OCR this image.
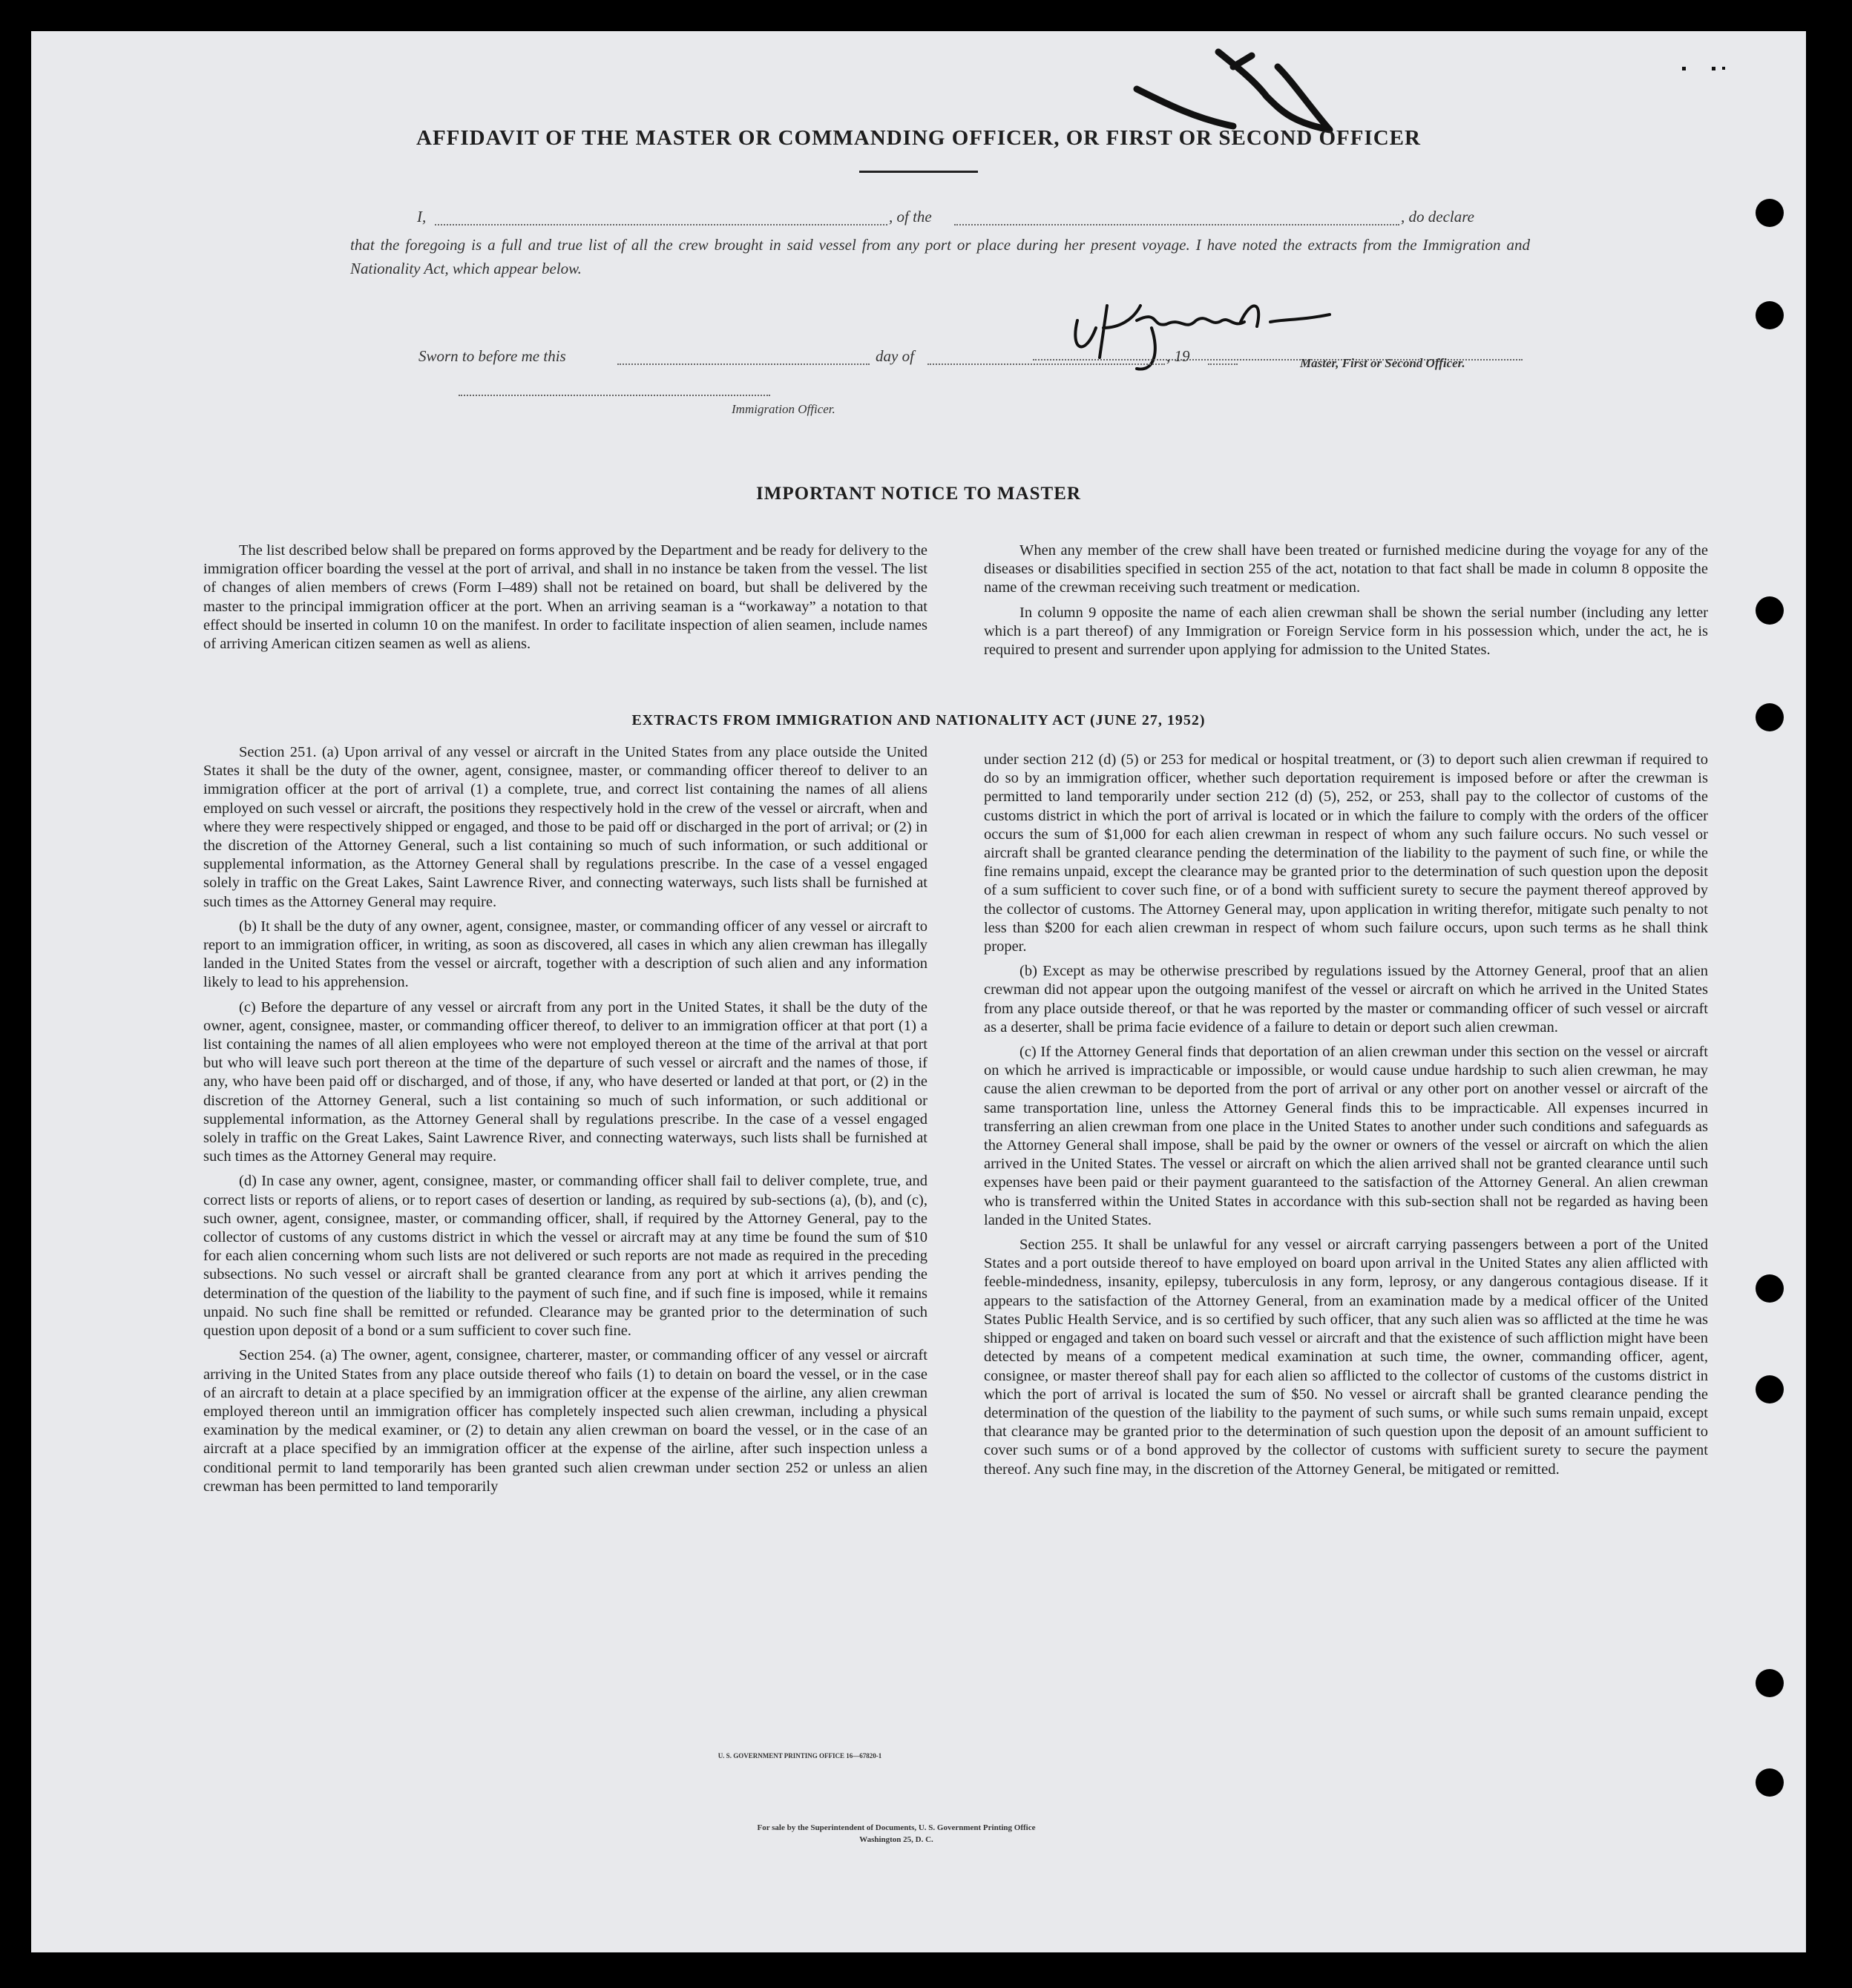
AFFIDAVIT OF THE MASTER OR COMMANDING OFFICER, OR FIRST OR SECOND OFFICER
I,	, of the	, do declare
that the foregoing is a full and true list of all the crew brought in said vessel from any port or place during her present voyage. I have noted the extracts from the Immigration and Nationality Act, which appear below.
Master, First or Second Officer.
Sworn to before me this	day of	, 19
Immigration Officer.
IMPORTANT NOTICE TO MASTER

The list described below shall be prepared on forms approved by the Department and be ready for delivery to the immigration officer boarding the vessel at the port of arrival, and shall in no instance be taken from the vessel. The list of changes of alien members of crews (Form I–489) shall not be retained on board, but shall be delivered by the master to the principal immigration officer at the port. When an arriving seaman is a “workaway” a notation to that effect should be inserted in column 10 on the manifest. In order to facilitate inspection of alien seamen, include names of arriving American citizen seamen as well as aliens.

When any member of the crew shall have been treated or furnished medicine during the voyage for any of the diseases or disabilities specified in section 255 of the act, notation to that fact shall be made in column 8 opposite the name of the crewman receiving such treatment or medication.

In column 9 opposite the name of each alien crewman shall be shown the serial number (including any letter which is a part thereof) of any Immigration or Foreign Service form in his possession which, under the act, he is required to present and surrender upon applying for admission to the United States.

EXTRACTS FROM IMMIGRATION AND NATIONALITY ACT (JUNE 27, 1952)

Section 251. (a) Upon arrival of any vessel or aircraft in the United States from any place outside the United States it shall be the duty of the owner, agent, consignee, master, or commanding officer thereof to deliver to an immigration officer at the port of arrival (1) a complete, true, and correct list containing the names of all aliens employed on such vessel or aircraft, the positions they respectively hold in the crew of the vessel or aircraft, when and where they were respectively shipped or engaged, and those to be paid off or discharged in the port of arrival; or (2) in the discretion of the Attorney General, such a list containing so much of such information, or such additional or supplemental information, as the Attorney General shall by regulations prescribe. In the case of a vessel engaged solely in traffic on the Great Lakes, Saint Lawrence River, and connecting waterways, such lists shall be furnished at such times as the Attorney General may require.

(b) It shall be the duty of any owner, agent, consignee, master, or commanding officer of any vessel or aircraft to report to an immigration officer, in writing, as soon as discovered, all cases in which any alien crewman has illegally landed in the United States from the vessel or aircraft, together with a description of such alien and any information likely to lead to his apprehension.

(c) Before the departure of any vessel or aircraft from any port in the United States, it shall be the duty of the owner, agent, consignee, master, or commanding officer thereof, to deliver to an immigration officer at that port (1) a list containing the names of all alien employees who were not employed thereon at the time of the arrival at that port but who will leave such port thereon at the time of the departure of such vessel or aircraft and the names of those, if any, who have been paid off or discharged, and of those, if any, who have deserted or landed at that port, or (2) in the discretion of the Attorney General, such a list containing so much of such information, or such additional or supplemental information, as the Attorney General shall by regulations prescribe. In the case of a vessel engaged solely in traffic on the Great Lakes, Saint Lawrence River, and connecting waterways, such lists shall be furnished at such times as the Attorney General may require.

(d) In case any owner, agent, consignee, master, or commanding officer shall fail to deliver complete, true, and correct lists or reports of aliens, or to report cases of desertion or landing, as required by sub-sections (a), (b), and (c), such owner, agent, consignee, master, or commanding officer, shall, if required by the Attorney General, pay to the collector of customs of any customs district in which the vessel or aircraft may at any time be found the sum of $10 for each alien concerning whom such lists are not delivered or such reports are not made as required in the preceding subsections. No such vessel or aircraft shall be granted clearance from any port at which it arrives pending the determination of the question of the liability to the payment of such fine, and if such fine is imposed, while it remains unpaid. No such fine shall be remitted or refunded. Clearance may be granted prior to the determination of such question upon deposit of a bond or a sum sufficient to cover such fine.

Section 254. (a) The owner, agent, consignee, charterer, master, or commanding officer of any vessel or aircraft arriving in the United States from any place outside thereof who fails (1) to detain on board the vessel, or in the case of an aircraft to detain at a place specified by an immigration officer at the expense of the airline, any alien crewman employed thereon until an immigration officer has completely inspected such alien crewman, including a physical examination by the medical examiner, or (2) to detain any alien crewman on board the vessel, or in the case of an aircraft at a place specified by an immigration officer at the expense of the airline, after such inspection unless a conditional permit to land temporarily has been granted such alien crewman under section 252 or unless an alien crewman has been permitted to land temporarily

under section 212 (d) (5) or 253 for medical or hospital treatment, or (3) to deport such alien crewman if required to do so by an immigration officer, whether such deportation requirement is imposed before or after the crewman is permitted to land temporarily under section 212 (d) (5), 252, or 253, shall pay to the collector of customs of the customs district in which the port of arrival is located or in which the failure to comply with the orders of the officer occurs the sum of $1,000 for each alien crewman in respect of whom any such failure occurs. No such vessel or aircraft shall be granted clearance pending the determination of the liability to the payment of such fine, or while the fine remains unpaid, except the clearance may be granted prior to the determination of such question upon the deposit of a sum sufficient to cover such fine, or of a bond with sufficient surety to secure the payment thereof approved by the collector of customs. The Attorney General may, upon application in writing therefor, mitigate such penalty to not less than $200 for each alien crewman in respect of whom such failure occurs, upon such terms as he shall think proper.

(b) Except as may be otherwise prescribed by regulations issued by the Attorney General, proof that an alien crewman did not appear upon the outgoing manifest of the vessel or aircraft on which he arrived in the United States from any place outside thereof, or that he was reported by the master or commanding officer of such vessel or aircraft as a deserter, shall be prima facie evidence of a failure to detain or deport such alien crewman.

(c) If the Attorney General finds that deportation of an alien crewman under this section on the vessel or aircraft on which he arrived is impracticable or impossible, or would cause undue hardship to such alien crewman, he may cause the alien crewman to be deported from the port of arrival or any other port on another vessel or aircraft of the same transportation line, unless the Attorney General finds this to be impracticable. All expenses incurred in transferring an alien crewman from one place in the United States to another under such conditions and safeguards as the Attorney General shall impose, shall be paid by the owner or owners of the vessel or aircraft on which the alien arrived in the United States. The vessel or aircraft on which the alien arrived shall not be granted clearance until such expenses have been paid or their payment guaranteed to the satisfaction of the Attorney General. An alien crewman who is transferred within the United States in accordance with this sub-section shall not be regarded as having been landed in the United States.

Section 255. It shall be unlawful for any vessel or aircraft carrying passengers between a port of the United States and a port outside thereof to have employed on board upon arrival in the United States any alien afflicted with feeble-mindedness, insanity, epilepsy, tuberculosis in any form, leprosy, or any dangerous contagious disease. If it appears to the satisfaction of the Attorney General, from an examination made by a medical officer of the United States Public Health Service, and is so certified by such officer, that any such alien was so afflicted at the time he was shipped or engaged and taken on board such vessel or aircraft and that the existence of such affliction might have been detected by means of a competent medical examination at such time, the owner, commanding officer, agent, consignee, or master thereof shall pay for each alien so afflicted to the collector of customs of the customs district in which the port of arrival is located the sum of $50. No vessel or aircraft shall be granted clearance pending the determination of the question of the liability to the payment of such sums, or while such sums remain unpaid, except that clearance may be granted prior to the determination of such question upon the deposit of an amount sufficient to cover such sums or of a bond approved by the collector of customs with sufficient surety to secure the payment thereof. Any such fine may, in the discretion of the Attorney General, be mitigated or remitted.

U. S. GOVERNMENT PRINTING OFFICE 16—67820-1
For sale by the Superintendent of Documents, U. S. Government Printing Office
Washington 25, D. C.
